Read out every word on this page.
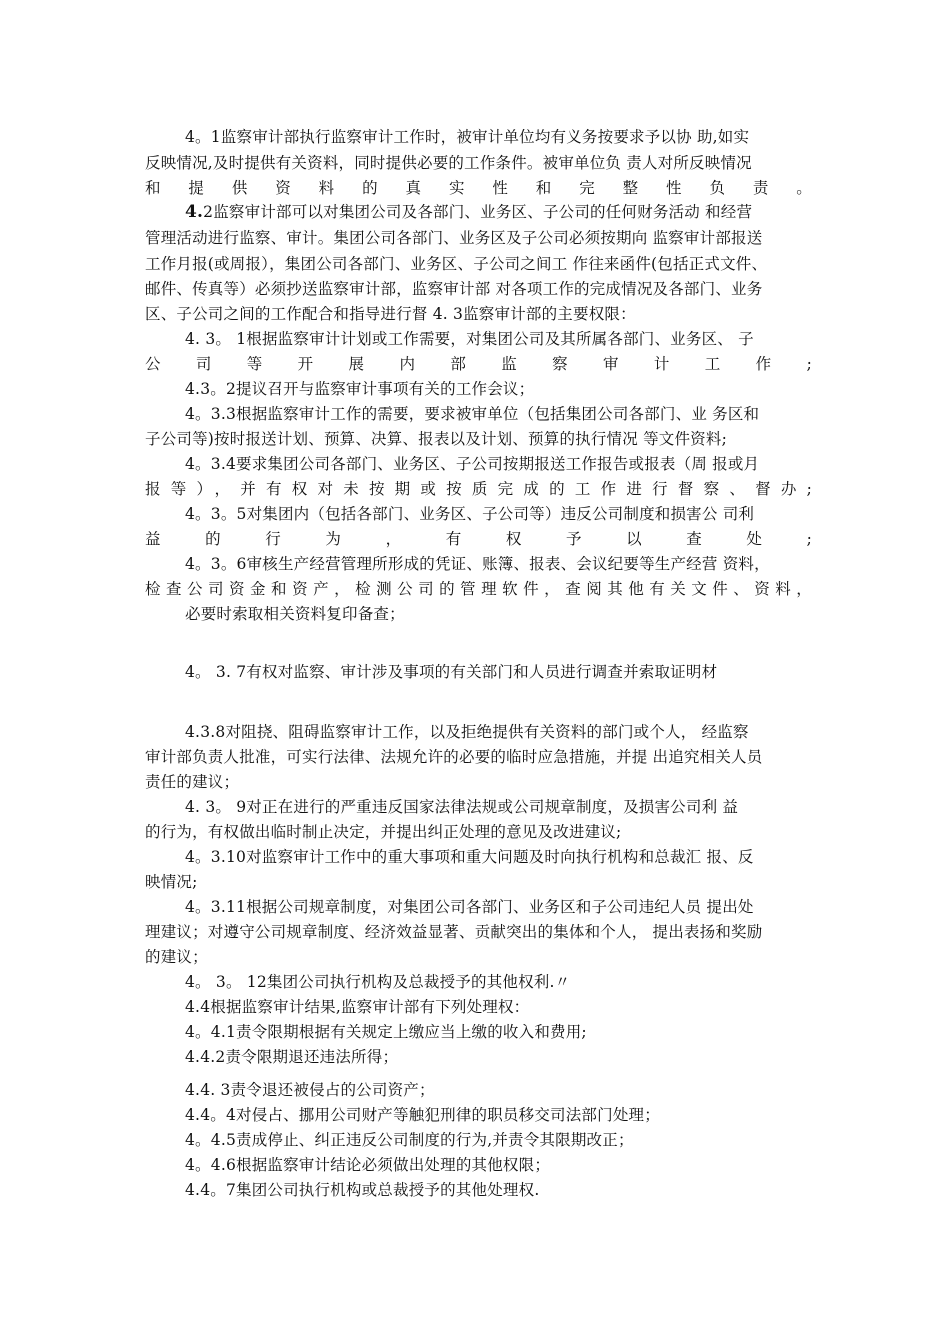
4。1监察审计部执行监察审计工作时，被审计单位均有义务按要求予以协 助,如实
反映情况,及时提供有关资料，同时提供必要的工作条件。被审单位负 责人对所反映情况
和提供资料的真实性和完整性负责。
4.2监察审计部可以对集团公司及各部门、业务区、子公司的任何财务活动 和经营
管理活动进行监察、审计。集团公司各部门、业务区及子公司必须按期向 监察审计部报送
工作月报(或周报），集团公司各部门、业务区、子公司之间工 作往来函件(包括正式文件、
邮件、传真等）必须抄送监察审计部，监察审计部 对各项工作的完成情况及各部门、业务
区、子公司之间的工作配合和指导进行督 4. 3监察审计部的主要权限：
4. 3。 1根据监察审计计划或工作需要，对集团公司及其所属各部门、业务区、 子
公司等开展内部监察审计工作;
4.3。2提议召开与监察审计事项有关的工作会议；
4。3.3根据监察审计工作的需要，要求被审单位（包括集团公司各部门、业 务区和
子公司等)按时报送计划、预算、决算、报表以及计划、预算的执行情况 等文件资料;
4。3.4要求集团公司各部门、业务区、子公司按期报送工作报告或报表（周 报或月
报等），并有权对未按期或按质完成的工作进行督察、督办;
4。3。5对集团内（包括各部门、业务区、子公司等）违反公司制度和损害公 司利
益的行为，有权予以查处;
4。3。6审核生产经营管理所形成的凭证、账簿、报表、会议纪要等生产经营 资料，
检查公司资金和资产，检测公司的管理软件，查阅其他有关文件、资料，
必要时索取相关资料复印备查；
4。 3. 7有权对监察、审计涉及事项的有关部门和人员进行调查并索取证明材
4.3.8对阻挠、阻碍监察审计工作，以及拒绝提供有关资料的部门或个人， 经监察
审计部负责人批准，可实行法律、法规允许的必要的临时应急措施，并提 出追究相关人员
责任的建议；
4. 3。 9对正在进行的严重违反国家法律法规或公司规章制度，及损害公司利 益
的行为，有权做出临时制止决定，并提出纠正处理的意见及改进建议;
4。3.10对监察审计工作中的重大事项和重大问题及时向执行机构和总裁汇 报、反
映情况;
4。3.11根据公司规章制度，对集团公司各部门、业务区和子公司违纪人员 提出处
理建议；对遵守公司规章制度、经济效益显著、贡献突出的集体和个人， 提出表扬和奖励
的建议；
4。 3。 12集团公司执行机构及总裁授予的其他权利.〃
4.4根据监察审计结果,监察审计部有下列处理权：
4。4.1责令限期根据有关规定上缴应当上缴的收入和费用;
4.4.2责令限期退还违法所得；
4.4. 3责令退还被侵占的公司资产；
4.4。4对侵占、挪用公司财产等触犯刑律的职员移交司法部门处理；
4。4.5责成停止、纠正违反公司制度的行为,并责令其限期改正；
4。4.6根据监察审计结论必须做出处理的其他权限；
4.4。7集团公司执行机构或总裁授予的其他处理权.
